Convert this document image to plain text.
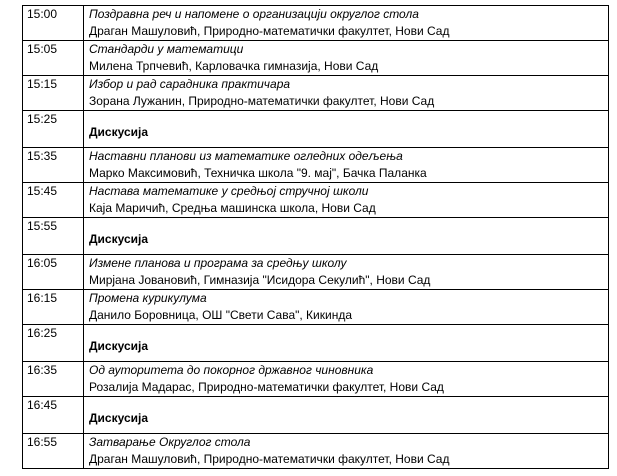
15:00	Поздравна реч и напомене о организацији округлог стола
Драган Машуловић, Природно-математички факултет, Нови Сад

15:05	Стандарди у математици
Милена Трпчевић, Карловачка гимназија, Нови Сад

15:15	Избор и рад сарадника практичара
Зорана Лужанин, Природно-математички факултет, Нови Сад

15:25	Дискусија

15:35	Наставни планови из математике огледних одељења
Марко Максимовић, Техничка школа "9. мај", Бачка Паланка

15:45	Настава математике у средњој стручној школи
Каја Маричић, Средња машинска школа, Нови Сад

15:55	Дискусија

16:05	Измене планова и програма за средњу школу
Мирјана Јовановић, Гимназија "Исидора Секулић", Нови Сад

16:15	Промена курикулума
Данило Боровница, ОШ "Свети Сава", Кикинда

16:25	Дискусија

16:35	Од ауторитета до покорног државног чиновника
Розалија Мадарас, Природно-математички факултет, Нови Сад

16:45	Дискусија

16:55	Затварање Округлог стола
Драган Машуловић, Природно-математички факултет, Нови Сад
